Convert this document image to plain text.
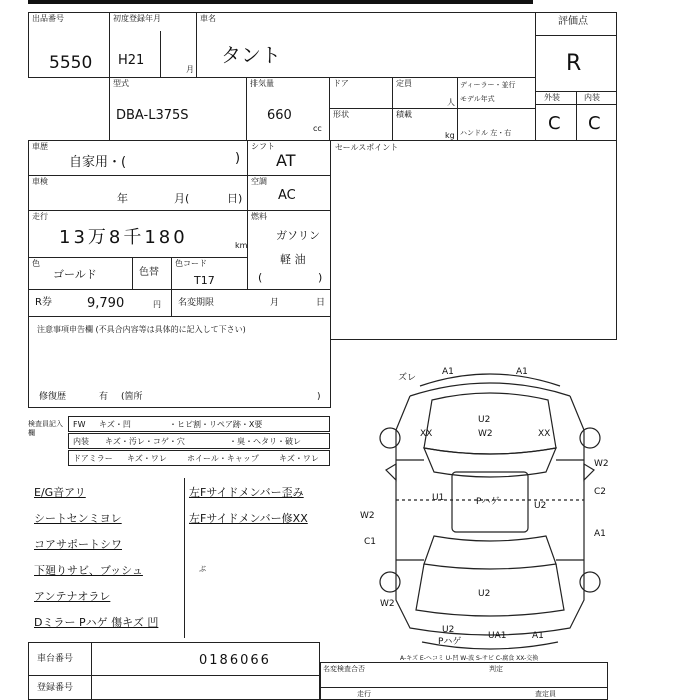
出品番号
5550
初度登録年月
H21
月
車名
タント
評価点
R
外装	内装
C C
型式
DBA-L375S
排気量
660
cc
ドア	定員
人
ディーラー・並行
モデル年式
形状	積載
kg ハンドル 左・右
車歴
自家用・(	)
シフト
AT
車検
年	月(	日)
空調
AC
走行
13万8千180	km
燃料
ガソリン
軽 油
(	)
色
ゴールド	色替
色コード
T17
R券	9,790	円 名変期限	月	日
セールスポイント
注意事項申告欄 (不具合内容等は具体的に記入して下さい)
修復歴	有 (箇所	)
検査員記入欄
FW キズ・凹	・ヒビ割・リペア跡・X要
内装 キズ・汚レ・コゲ・穴	・臭・ヘタリ・破レ
ドアミラー キズ・ワレ	ホイール・キャップ	キズ・ワレ
E/G音アリ
シートセンミヨレ
コアサポートシワ
下廻りサビ、ブッシュ
アンテナオラレ
Dミラー Pハゲ 傷キズ 凹
左Fサイドメンバー歪み
左Fサイドメンバー修XX
ぶ
ズレ
A1	A1
XX	XX
U2
W2
W2
U1	Pハゲ	U2
C2
W2
C1
A1
U2
W2
U2
Pハゲ
UA1	A1
A-キズ E-ヘコミ U-凹 W-波 S-サビ C-腐食 XX-交換
車台番号	0186066
登録番号
名変検査合否	判定
走行	査定員
